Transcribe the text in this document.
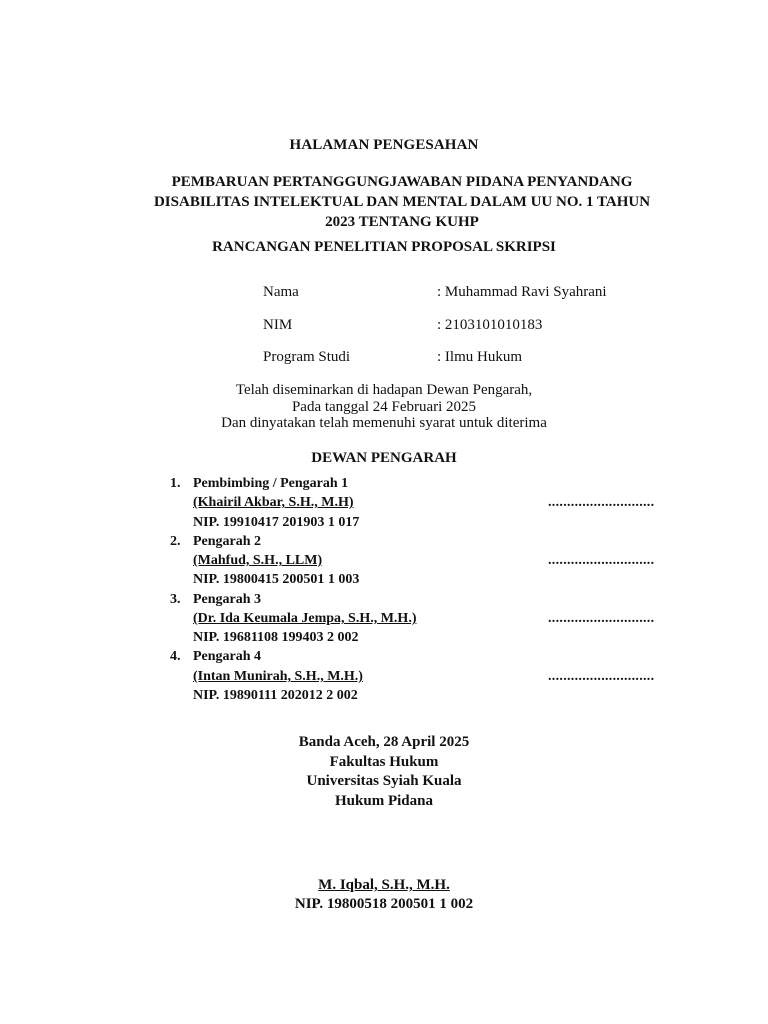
HALAMAN PENGESAHAN
PEMBARUAN PERTANGGUNGJAWABAN PIDANA PENYANDANG
DISABILITAS INTELEKTUAL DAN MENTAL DALAM UU NO. 1 TAHUN
2023 TENTANG KUHP
RANCANGAN PENELITIAN PROPOSAL SKRIPSI
Nama	: Muhammad Ravi Syahrani
NIM	: 2103101010183
Program Studi	: Ilmu Hukum
Telah diseminarkan di hadapan Dewan Pengarah,
Pada tanggal 24 Februari 2025
Dan dinyatakan telah memenuhi syarat untuk diterima
DEWAN PENGARAH
1. Pembimbing / Pengarah 1
(Khairil Akbar, S.H., M.H)	............................
NIP. 19910417 201903 1 017
2. Pengarah 2
(Mahfud, S.H., LLM)	............................
NIP. 19800415 200501 1 003
3. Pengarah 3
(Dr. Ida Keumala Jempa, S.H., M.H.)	............................
NIP. 19681108 199403 2 002
4. Pengarah 4
(Intan Munirah, S.H., M.H.)	............................
NIP. 19890111 202012 2 002
Banda Aceh, 28 April 2025
Fakultas Hukum
Universitas Syiah Kuala
Hukum Pidana
M. Iqbal, S.H., M.H.
NIP. 19800518 200501 1 002
